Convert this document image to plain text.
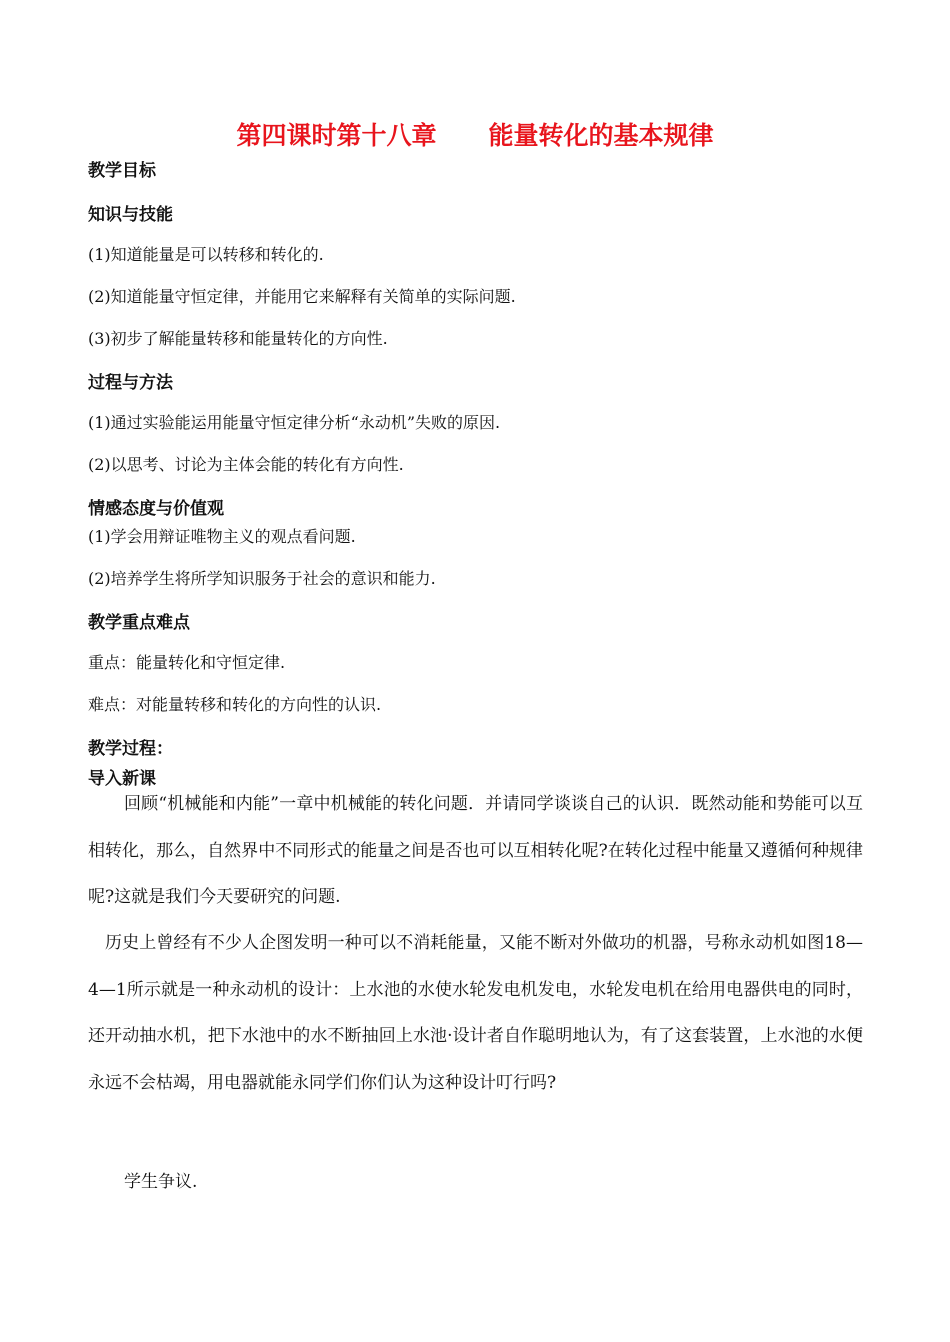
第四课时第十八章 能量转化的基本规律
教学目标
知识与技能
(1)知道能量是可以转移和转化的.
(2)知道能量守恒定律，并能用它来解释有关简单的实际问题.
(3)初步了解能量转移和能量转化的方向性.
过程与方法
(1)通过实验能运用能量守恒定律分析“永动机”失败的原因.
(2)以思考、讨论为主体会能的转化有方向性.
情感态度与价值观
(1)学会用辩证唯物主义的观点看问题.
(2)培养学生将所学知识服务于社会的意识和能力.
教学重点难点
重点：能量转化和守恒定律.
难点：对能量转移和转化的方向性的认识.
教学过程：
导入新课
回顾“机械能和内能”一章中机械能的转化问题．并请同学谈谈自己的认识．既然动能和势能可以互相转化，那么，自然界中不同形式的能量之间是否也可以互相转化呢?在转化过程中能量又遵循何种规律呢?这就是我们今天要研究的问题.
历史上曾经有不少人企图发明一种可以不消耗能量，又能不断对外做功的机器，号称永动机如图18—4—1所示就是一种永动机的设计：上水池的水使水轮发电机发电，水轮发电机在给用电器供电的同时，还开动抽水机，把下水池中的水不断抽回上水池·设计者自作聪明地认为，有了这套装置，上水池的水便永远不会枯竭，用电器就能永同学们你们认为这种设计叮行吗?
学生争议.
